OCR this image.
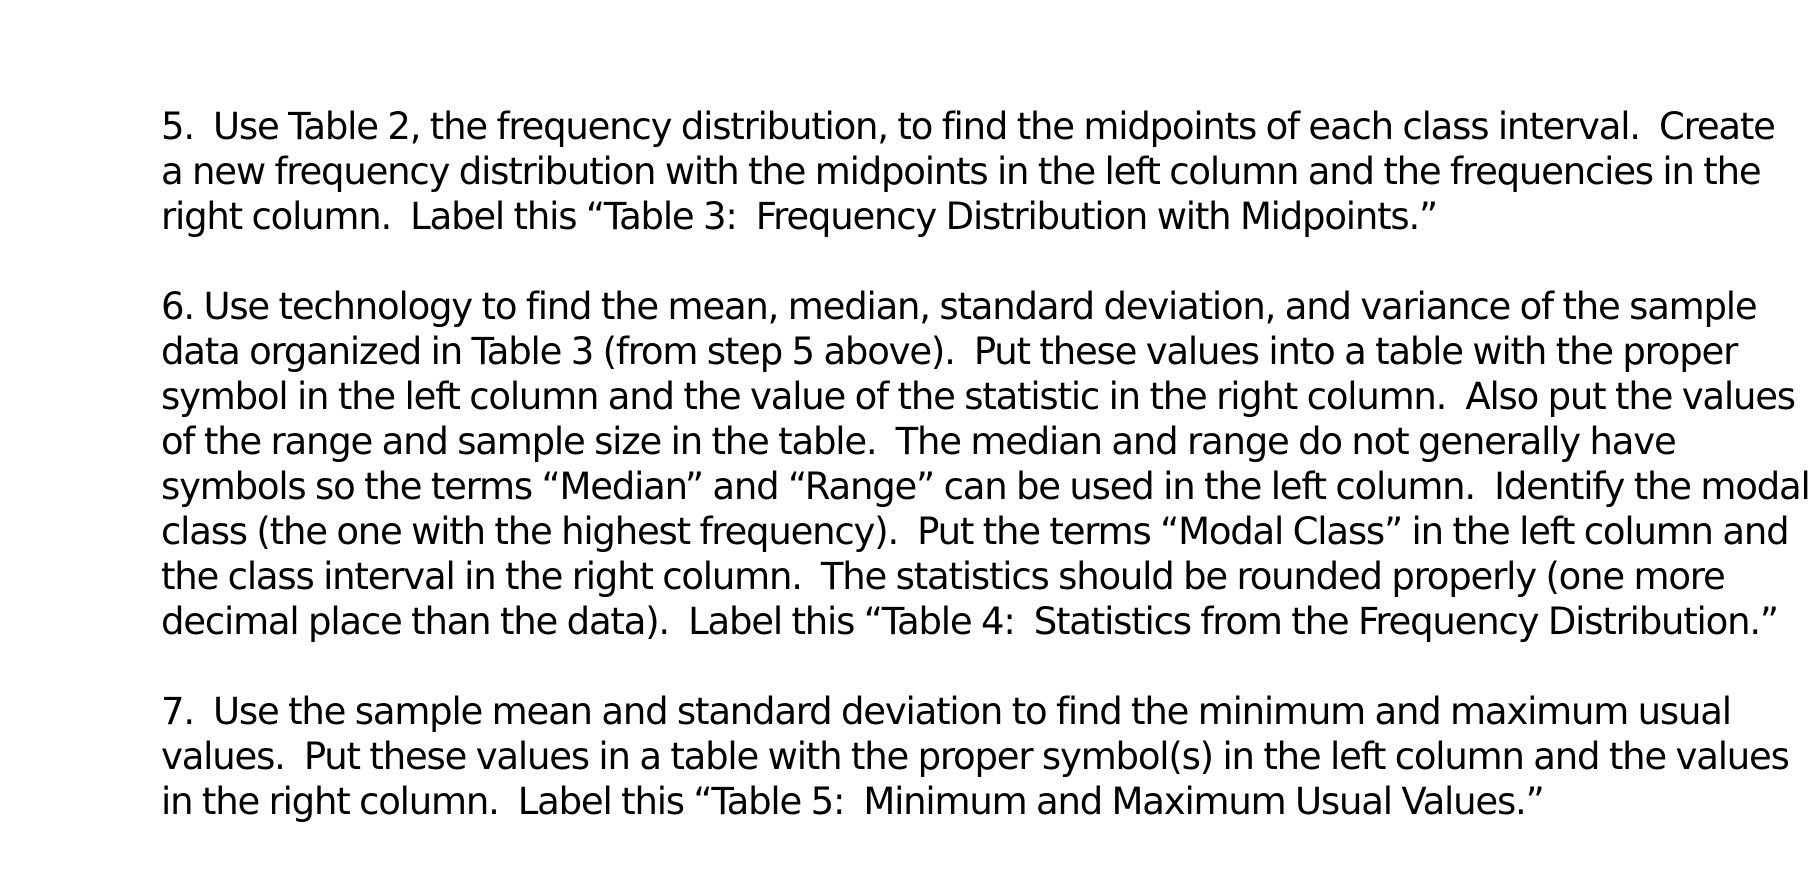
5.  Use Table 2, the frequency distribution, to find the midpoints of each class interval.  Create
a new frequency distribution with the midpoints in the left column and the frequencies in the
right column.  Label this “Table 3:  Frequency Distribution with Midpoints.”

6. Use technology to find the mean, median, standard deviation, and variance of the sample
data organized in Table 3 (from step 5 above).  Put these values into a table with the proper
symbol in the left column and the value of the statistic in the right column.  Also put the values
of the range and sample size in the table.  The median and range do not generally have
symbols so the terms “Median” and “Range” can be used in the left column.  Identify the modal
class (the one with the highest frequency).  Put the terms “Modal Class” in the left column and
the class interval in the right column.  The statistics should be rounded properly (one more
decimal place than the data).  Label this “Table 4:  Statistics from the Frequency Distribution.”

7.  Use the sample mean and standard deviation to find the minimum and maximum usual
values.  Put these values in a table with the proper symbol(s) in the left column and the values
in the right column.  Label this “Table 5:  Minimum and Maximum Usual Values.”
